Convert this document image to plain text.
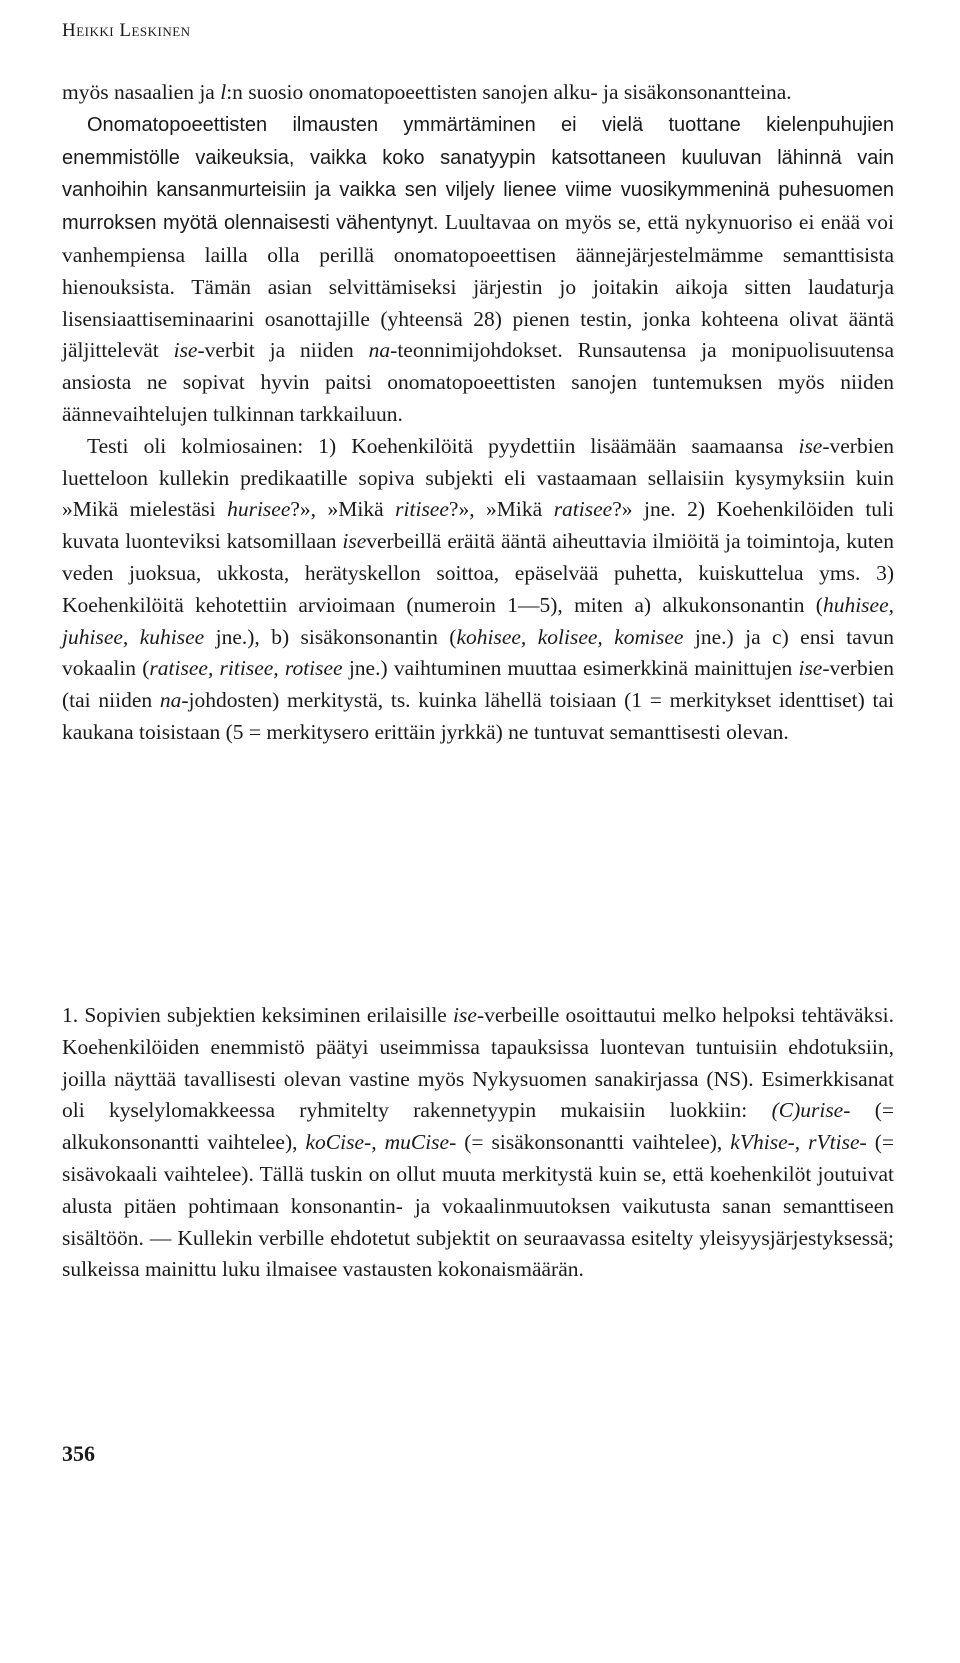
Heikki Leskinen

myös nasaalien ja l:n suosio onomatopoeettisten sanojen alku- ja sisäkonsonantteina.

Onomatopoeettisten ilmausten ymmärtäminen ei vielä tuottane kielenpuhujien enemmistölle vaikeuksia, vaikka koko sanatyypin katsottaneen kuuluvan lähinnä vain vanhoihin kansanmurteisiin ja vaikka sen viljely lienee viime vuosikymmeninä puhesuomen murroksen myötä olennaisesti vähentynyt. Luultavaa on myös se, että nykynuoriso ei enää voi vanhempiensa lailla olla perillä onomatopoeettisen äännejärjestelmämme semanttisista hienouksista. Tämän asian selvittämiseksi järjestin jo joitakin aikoja sitten laudaturja lisensiaattiseminaarini osanottajille (yhteensä 28) pienen testin, jonka kohteena olivat ääntä jäljittelevät ise-verbit ja niiden na-teonnimijohdokset. Runsautensa ja monipuolisuutensa ansiosta ne sopivat hyvin paitsi onomatopoeettisten sanojen tuntemuksen myös niiden äännevaihtelujen tulkinnan tarkkailuun.

Testi oli kolmiosainen: 1) Koehenkilöitä pyydettiin lisäämään saamaansa ise-verbien luetteloon kullekin predikaatille sopiva subjekti eli vastaamaan sellaisiin kysymyksiin kuin »Mikä mielestäsi hurisee?», »Mikä ritisee?», »Mikä ratisee?» jne. 2) Koehenkilöiden tuli kuvata luonteviksi katsomillaan iseverbeillä eräitä ääntä aiheuttavia ilmiöitä ja toimintoja, kuten veden juoksua, ukkosta, herätyskellon soittoa, epäselvää puhetta, kuiskuttelua yms. 3) Koehenkilöitä kehotettiin arvioimaan (numeroin 1—5), miten a) alkukonsonantin (huhisee, juhisee, kuhisee jne.), b) sisäkonsonantin (kohisee, kolisee, komisee jne.) ja c) ensi tavun vokaalin (ratisee, ritisee, rotisee jne.) vaihtuminen muuttaa esimerkkinä mainittujen ise-verbien (tai niiden na-johdosten) merkitystä, ts. kuinka lähellä toisiaan (1 = merkitykset identtiset) tai kaukana toisistaan (5 = merkitysero erittäin jyrkkä) ne tuntuvat semanttisesti olevan.

1. Sopivien subjektien keksiminen erilaisille ise-verbeille osoittautui melko helpoksi tehtäväksi. Koehenkilöiden enemmistö päätyi useimmissa tapauksissa luontevan tuntuisiin ehdotuksiin, joilla näyttää tavallisesti olevan vastine myös Nykysuomen sanakirjassa (NS). Esimerkkisanat oli kyselylomakkeessa ryhmitelty rakennetyypin mukaisiin luokkiin: (C)urise- (= alkukonsonantti vaihtelee), koCise-, muCise- (= sisäkonsonantti vaihtelee), kVhise-, rVtise- (= sisävokaali vaihtelee). Tällä tuskin on ollut muuta merkitystä kuin se, että koehenkilöt joutuivat alusta pitäen pohtimaan konsonantin- ja vokaalinmuutoksen vaikutusta sanan semanttiseen sisältöön. — Kullekin verbille ehdotetut subjektit on seuraavassa esitelty yleisyysjärjestyksessä; sulkeissa mainittu luku ilmaisee vastausten kokonaismäärän.

356
